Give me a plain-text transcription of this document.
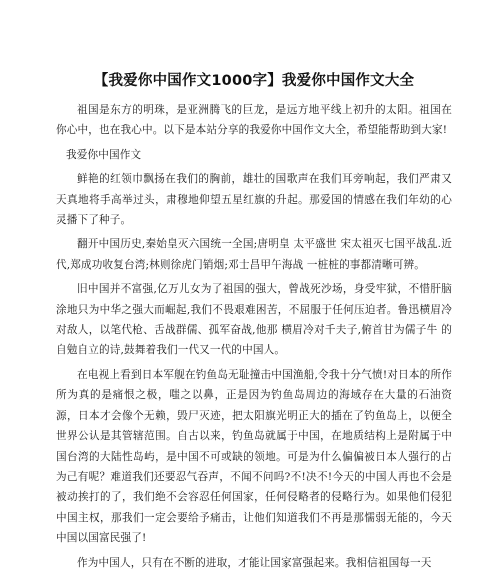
【我爱你中国作文1000字】我爱你中国作文大全

祖国是东方的明珠，是亚洲腾飞的巨龙，是远方地平线上初升的太阳。祖国在你心中，也在我心中。以下是本站分享的我爱你中国作文大全，希望能帮助到大家!

我爱你中国作文

鲜艳的红领巾飘扬在我们的胸前，雄壮的国歌声在我们耳旁响起，我们严肃又天真地将手高举过头，肃穆地仰望五星红旗的升起。那爱国的情感在我们年幼的心灵播下了种子。

翻开中国历史,秦始皇灭六国统一全国;唐明皇 太平盛世 宋太祖灭七国平战乱.近代,郑成功收复台湾;林则徐虎门销烟;邓士昌甲午海战 一桩桩的事都清晰可辨。

旧中国并不富强,亿万儿女为了祖国的强大，曾战死沙场，身受牢狱，不惜肝脑涂地只为中华之强大而崛起,我们不畏艰难困苦，不屈服于任何压迫者。鲁迅横眉冷对敌人，以笔代枪、舌战群儒、孤军奋战,他那 横眉冷对千夫子,俯首甘为儒子牛 的自勉自立的诗,鼓舞着我们一代又一代的中国人。

在电视上看到日本军舰在钓鱼岛无耻撞击中国渔船,令我十分气愤!对日本的所作所为真的是痛恨之极，嗤之以鼻，正是因为钓鱼岛周边的海域存在大量的石油资源，日本才会像个无赖，毁尸灭迹，把太阳旗光明正大的插在了钓鱼岛上，以便全世界公认是其管辖范围。自古以来，钓鱼岛就属于中国，在地质结构上是附属于中国台湾的大陆性岛屿，是中国不可或缺的领地。可是为什么偏偏被日本人强行的占为己有呢？难道我们还要忍气吞声，不闻不问吗?不!决不!今天的中国人再也不会是被动挨打的了，我们绝不会容忍任何国家，任何侵略者的侵略行为。如果他们侵犯中国主权，那我们一定会要给予痛击，让他们知道我们不再是那懦弱无能的，今天中国以国富民强了!

作为中国人，只有在不断的进取，才能让国家富强起来。我相信祖国每一天
